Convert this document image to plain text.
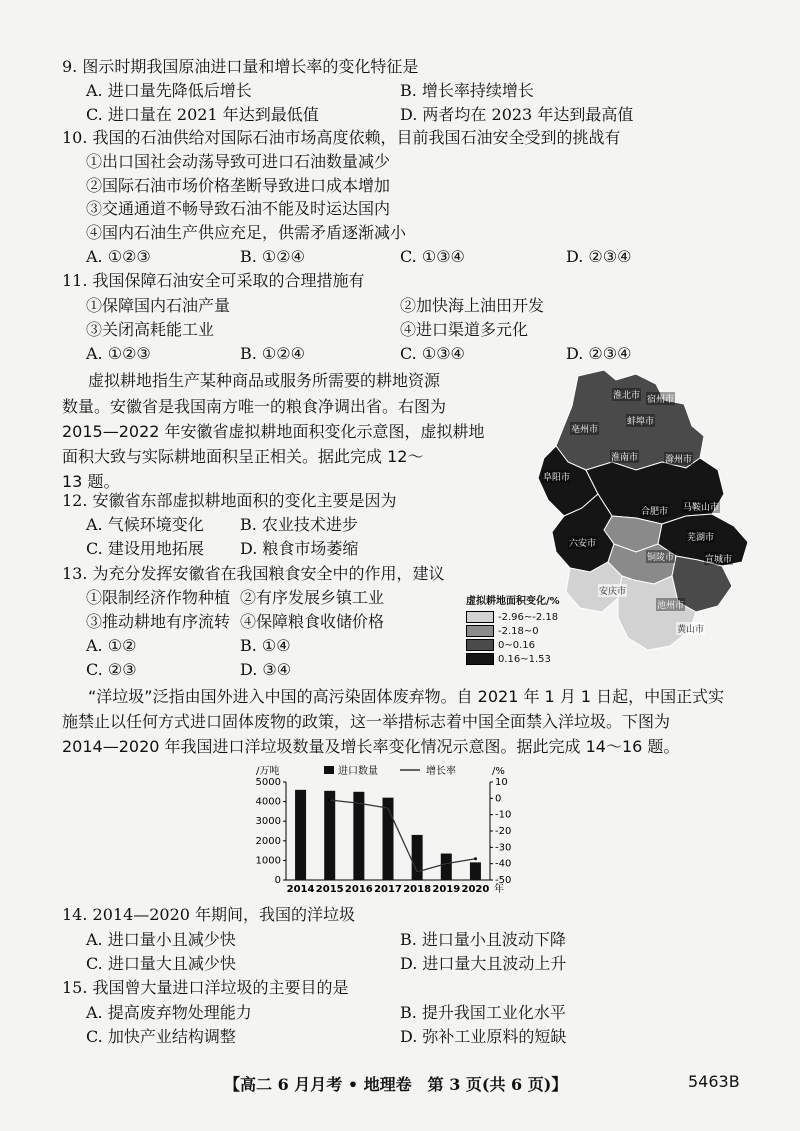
9. 图示时期我国原油进口量和增长率的变化特征是
A. 进口量先降低后增长	B. 增长率持续增长
C. 进口量在 2021 年达到最低值	D. 两者均在 2023 年达到最高值
10. 我国的石油供给对国际石油市场高度依赖，目前我国石油安全受到的挑战有
①出口国社会动荡导致可进口石油数量减少
②国际石油市场价格垄断导致进口成本增加
③交通通道不畅导致石油不能及时运达国内
④国内石油生产供应充足，供需矛盾逐渐减小
A. ①②③	B. ①②④	C. ①③④	D. ②③④
11. 我国保障石油安全可采取的合理措施有
①保障国内石油产量	②加快海上油田开发
③关闭高耗能工业	④进口渠道多元化
A. ①②③	B. ①②④	C. ①③④	D. ②③④
虚拟耕地指生产某种商品或服务所需要的耕地资源
数量。安徽省是我国南方唯一的粮食净调出省。右图为
2015—2022 年安徽省虚拟耕地面积变化示意图，虚拟耕地
面积大致与实际耕地面积呈正相关。据此完成 12～
13 题。
12. 安徽省东部虚拟耕地面积的变化主要是因为
A. 气候环境变化 B. 农业技术进步
C. 建设用地拓展 D. 粮食市场萎缩
13. 为充分发挥安徽省在我国粮食安全中的作用，建议
①限制经济作物种植 ②有序发展乡镇工业
③推动耕地有序流转 ④保障粮食收储价格
A. ①②	B. ①④
C. ②③	D. ③④
淮北市 宿州市
亳州市
蚌埠市
阜阳市
淮南市	滁州市
合肥市 马鞍山市
芜湖市
六安市
铜陵市	宣城市
安庆市
池州市
黄山市
虚拟耕地面积变化/%
-2.96~-2.18
-2.18~0
0~0.16
0.16~1.53
“洋垃圾”泛指由国外进入中国的高污染固体废弃物。自 2021 年 1 月 1 日起，中国正式实
施禁止以任何方式进口固体废物的政策，这一举措标志着中国全面禁入洋垃圾。下图为
2014—2020 年我国进口洋垃圾数量及增长率变化情况示意图。据此完成 14～16 题。
0
1000
2000
3000
4000
5000
-50
-40
-30
-20
-10
0
10
2014 2015 2016 2017 2018 2019 2020 年
/万吨	/%
进口数量	增长率
14. 2014—2020 年期间，我国的洋垃圾
A. 进口量小且减少快	B. 进口量小且波动下降
C. 进口量大且减少快	D. 进口量大且波动上升
15. 我国曾大量进口洋垃圾的主要目的是
A. 提高废弃物处理能力	B. 提升我国工业化水平
C. 加快产业结构调整	D. 弥补工业原料的短缺
【高二 6 月月考 • 地理卷　第 3 页(共 6 页)】	5463B
